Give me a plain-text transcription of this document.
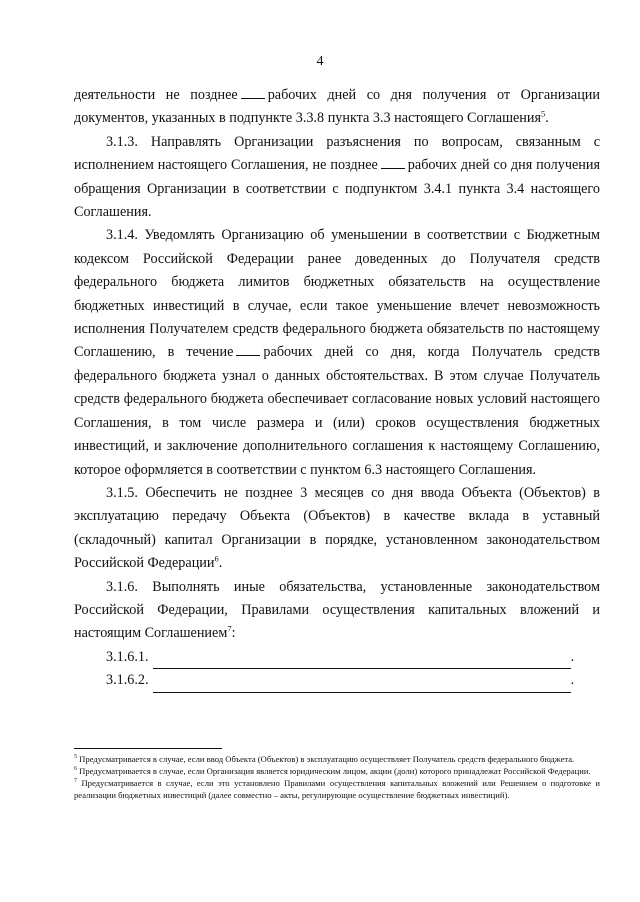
4

деятельности не позднее рабочих дней со дня получения от Организации документов, указанных в подпункте 3.3.8 пункта 3.3 настоящего Соглашения$^5$.

3.1.3. Направлять Организации разъяснения по вопросам, связанным с исполнением настоящего Соглашения, не позднее рабочих дней со дня получения обращения Организации в соответствии с подпунктом 3.4.1 пункта 3.4 настоящего Соглашения.

3.1.4. Уведомлять Организацию об уменьшении в соответствии с Бюджетным кодексом Российской Федерации ранее доведенных до Получателя средств федерального бюджета лимитов бюджетных обязательств на осуществление бюджетных инвестиций в случае, если такое уменьшение влечет невозможность исполнения Получателем средств федерального бюджета обязательств по настоящему Соглашению, в течение рабочих дней со дня, когда Получатель средств федерального бюджета узнал о данных обстоятельствах. В этом случае Получатель средств федерального бюджета обеспечивает согласование новых условий настоящего Соглашения, в том числе размера и (или) сроков осуществления бюджетных инвестиций, и заключение дополнительного соглашения к настоящему Соглашению, которое оформляется в соответствии с пунктом 6.3 настоящего Соглашения.

3.1.5. Обеспечить не позднее 3 месяцев со дня ввода Объекта (Объектов) в эксплуатацию передачу Объекта (Объектов) в качестве вклада в уставный (складочный) капитал Организации в порядке, установленном законодательством Российской Федерации$^6$.

3.1.6. Выполнять иные обязательства, установленные законодательством Российской Федерации, Правилами осуществления капитальных вложений и настоящим Соглашением$^7$:

3.1.6.1.	.
3.1.6.2.	.

$^5$ Предусматривается в случае, если ввод Объекта (Объектов) в эксплуатацию осуществляет Получатель средств федерального бюджета.

$^6$ Предусматривается в случае, если Организация является юридическим лицом, акции (доли) которого принадлежат Российской Федерации.

$^7$ Предусматривается в случае, если это установлено Правилами осуществления капитальных вложений или Решением о подготовке и реализации бюджетных инвестиций (далее совместно – акты, регулирующие осуществление бюджетных инвестиций).
